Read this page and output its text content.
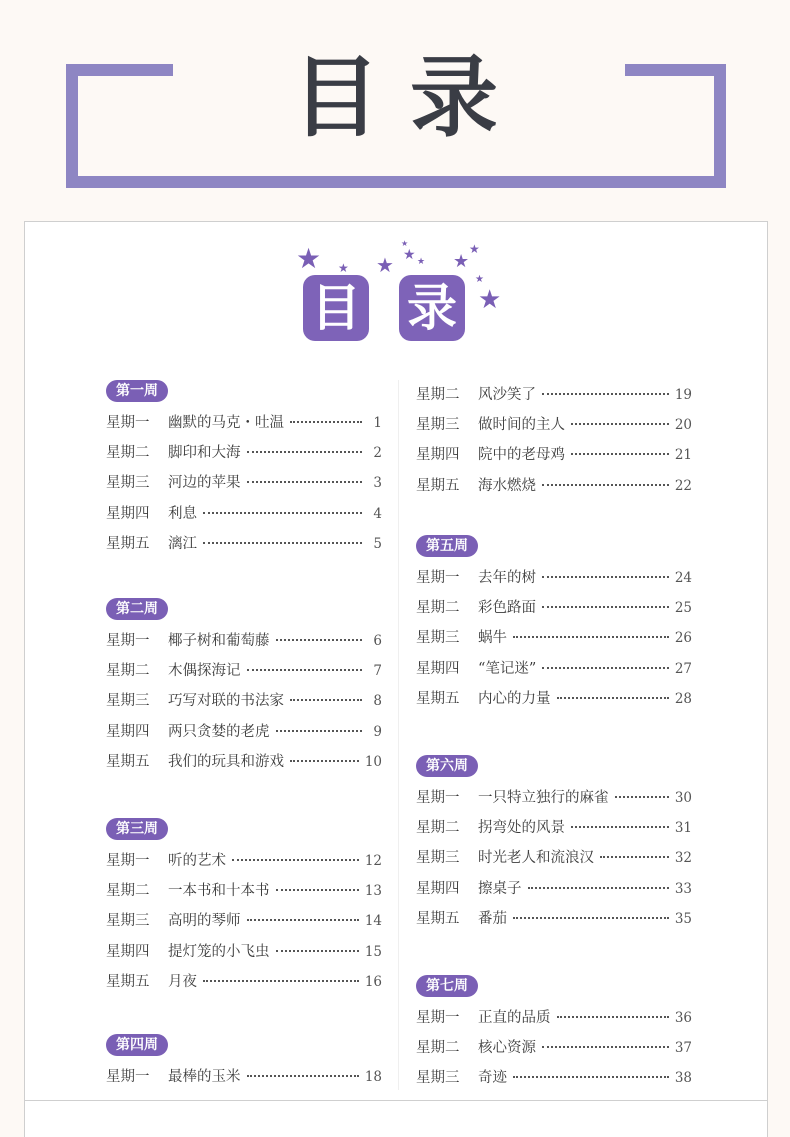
目录
★ ★ ★
★
★ ★ ★
★
★
★
目 录
第一周
星期一	幽默的马克・吐温	1
星期二	脚印和大海	2
星期三	河边的苹果	3
星期四	利息	4
星期五	漓江	5
第二周
星期一	椰子树和葡萄藤	6
星期二	木偶探海记	7
星期三	巧写对联的书法家	8
星期四	两只贪婪的老虎	9
星期五	我们的玩具和游戏	10
第三周
星期一	听的艺术	12
星期二	一本书和十本书	13
星期三	高明的琴师	14
星期四	提灯笼的小飞虫	15
星期五	月夜	16
第四周
星期一	最棒的玉米	18
星期二	风沙笑了	19
星期三	做时间的主人	20
星期四	院中的老母鸡	21
星期五	海水燃烧	22
第五周
星期一	去年的树	24
星期二	彩色路面	25
星期三	蜗牛	26
星期四	“笔记迷”	27
星期五	内心的力量	28
第六周
星期一	一只特立独行的麻雀	30
星期二	拐弯处的风景	31
星期三	时光老人和流浪汉	32
星期四	擦桌子	33
星期五	番茄	35
第七周
星期一	正直的品质	36
星期二	核心资源	37
星期三	奇迹	38
